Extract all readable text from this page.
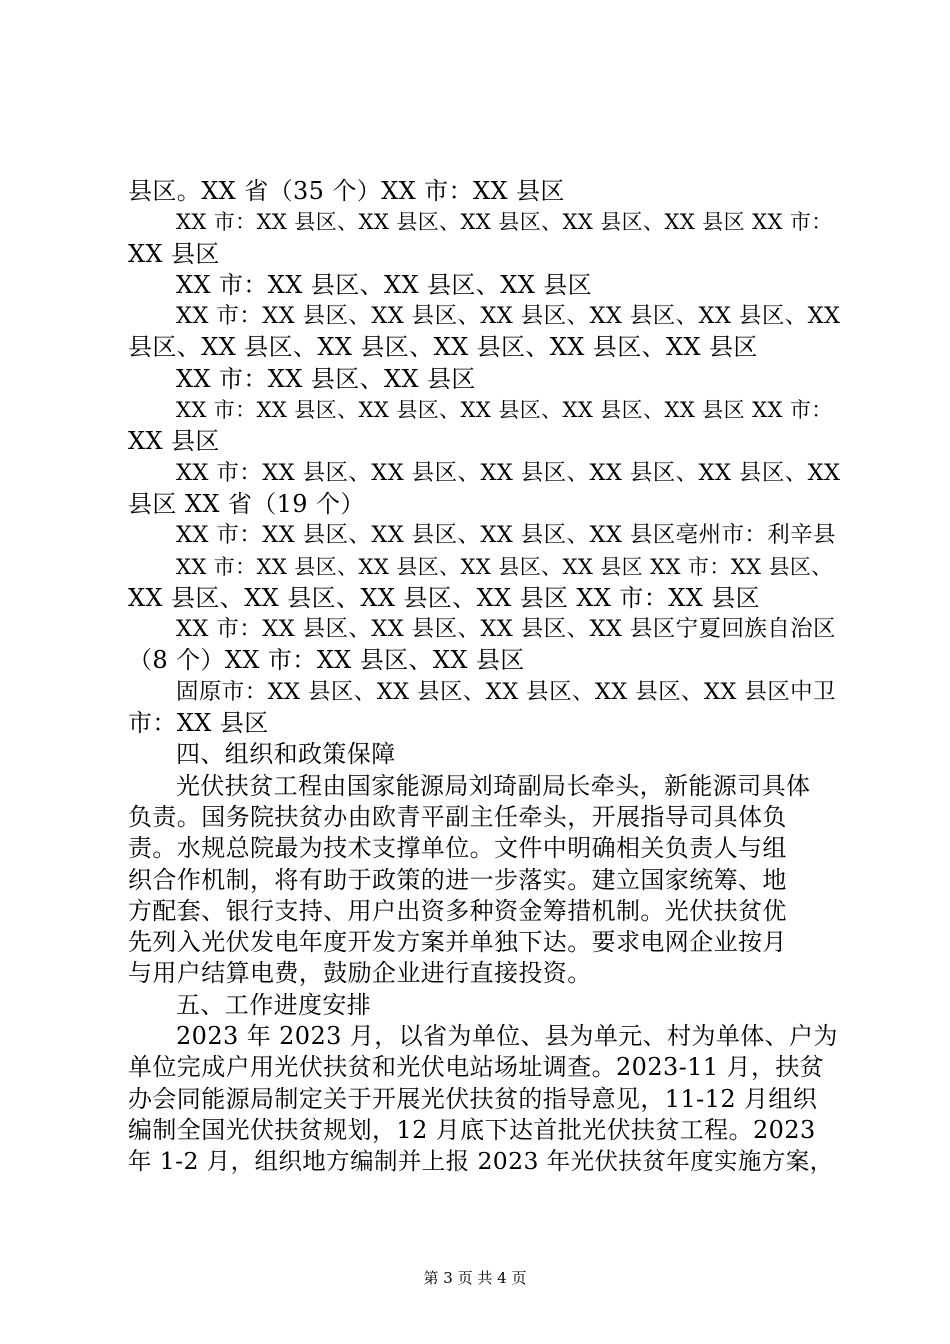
县区。XX 省（35 个）XX 市：XX 县区
XX 市：XX 县区、XX 县区、XX 县区、XX 县区、XX 县区 XX 市：
XX 县区
XX 市：XX 县区、XX 县区、XX 县区
XX 市：XX 县区、XX 县区、XX 县区、XX 县区、XX 县区、XX
县区、XX 县区、XX 县区、XX 县区、XX 县区、XX 县区
XX 市：XX 县区、XX 县区
XX 市：XX 县区、XX 县区、XX 县区、XX 县区、XX 县区 XX 市：
XX 县区
XX 市：XX 县区、XX 县区、XX 县区、XX 县区、XX 县区、XX
县区 XX 省（19 个）
XX 市：XX 县区、XX 县区、XX 县区、XX 县区亳州市：利辛县
XX 市：XX 县区、XX 县区、XX 县区、XX 县区 XX 市：XX 县区、
XX 县区、XX 县区、XX 县区、XX 县区 XX 市：XX 县区
XX 市：XX 县区、XX 县区、XX 县区、XX 县区宁夏回族自治区
（8 个）XX 市：XX 县区、XX 县区
固原市：XX 县区、XX 县区、XX 县区、XX 县区、XX 县区中卫
市：XX 县区
四、组织和政策保障
光伏扶贫工程由国家能源局刘琦副局长牵头，新能源司具体
负责。国务院扶贫办由欧青平副主任牵头，开展指导司具体负
责。水规总院最为技术支撑单位。文件中明确相关负责人与组
织合作机制，将有助于政策的进一步落实。建立国家统筹、地
方配套、银行支持、用户出资多种资金筹措机制。光伏扶贫优
先列入光伏发电年度开发方案并单独下达。要求电网企业按月
与用户结算电费，鼓励企业进行直接投资。
五、工作进度安排
2023 年 2023 月，以省为单位、县为单元、村为单体、户为
单位完成户用光伏扶贫和光伏电站场址调查。2023-11 月，扶贫
办会同能源局制定关于开展光伏扶贫的指导意见，11-12 月组织
编制全国光伏扶贫规划，12 月底下达首批光伏扶贫工程。2023
年 1-2 月，组织地方编制并上报 2023 年光伏扶贫年度实施方案，
第 3 页 共 4 页
